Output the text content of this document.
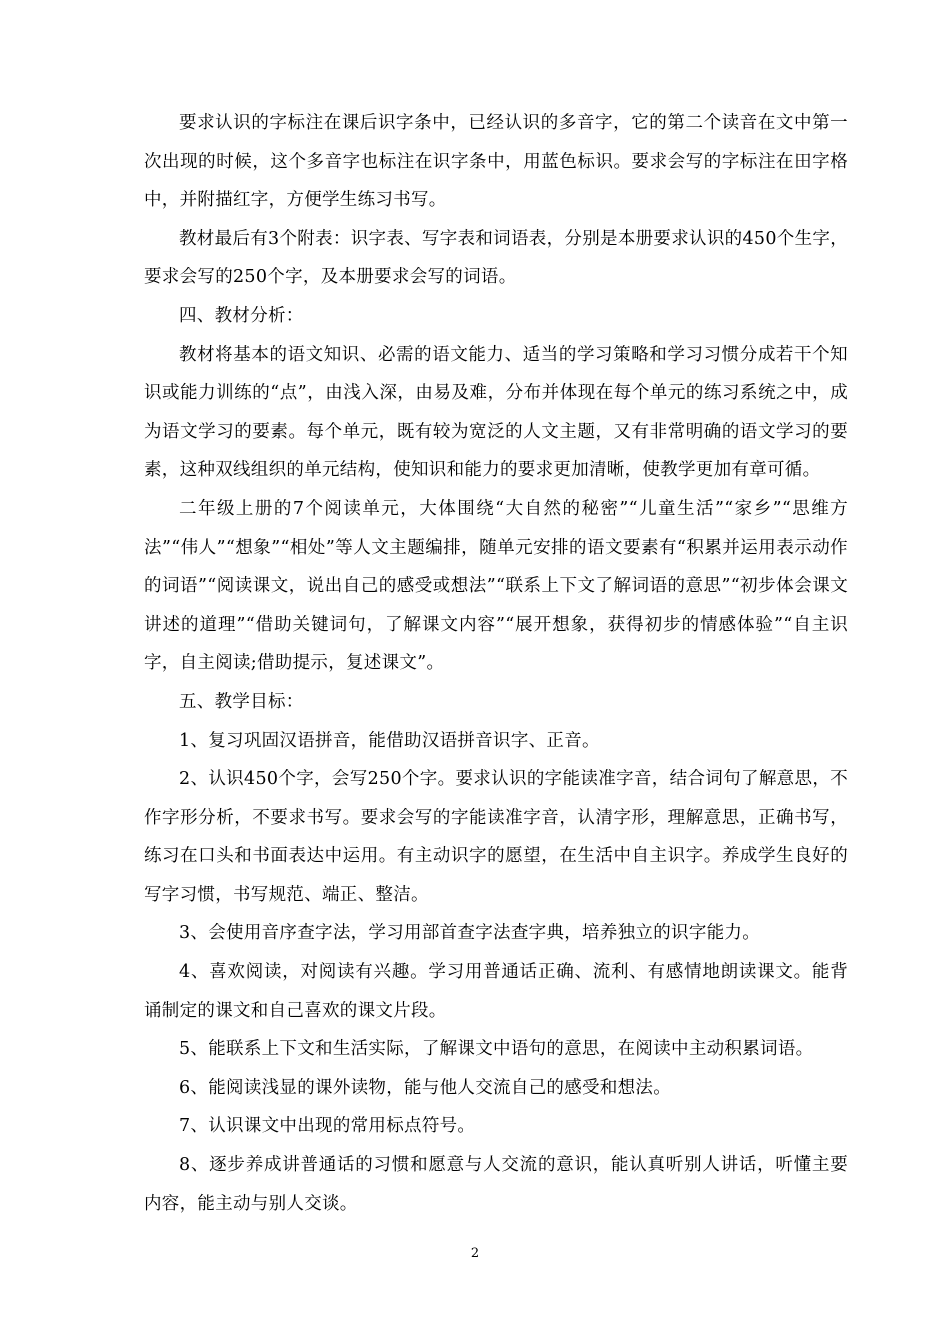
要求认识的字标注在课后识字条中，已经认识的多音字，它的第二个读音在文中第一次出现的时候，这个多音字也标注在识字条中，用蓝色标识。要求会写的字标注在田字格中，并附描红字，方便学生练习书写。

教材最后有3个附表：识字表、写字表和词语表，分别是本册要求认识的450个生字，要求会写的250个字，及本册要求会写的词语。

四、教材分析：

教材将基本的语文知识、必需的语文能力、适当的学习策略和学习习惯分成若干个知识或能力训练的“点”，由浅入深，由易及难，分布并体现在每个单元的练习系统之中，成为语文学习的要素。每个单元，既有较为宽泛的人文主题，又有非常明确的语文学习的要素，这种双线组织的单元结构，使知识和能力的要求更加清晰，使教学更加有章可循。

二年级上册的7个阅读单元，大体围绕“大自然的秘密”“儿童生活”“家乡”“思维方法”“伟人”“想象”“相处”等人文主题编排，随单元安排的语文要素有“积累并运用表示动作的词语”“阅读课文，说出自己的感受或想法”“联系上下文了解词语的意思”“初步体会课文讲述的道理”“借助关键词句，了解课文内容”“展开想象，获得初步的情感体验”“自主识字，自主阅读;借助提示，复述课文”。

五、教学目标：

1、复习巩固汉语拼音，能借助汉语拼音识字、正音。

2、认识450个字，会写250个字。要求认识的字能读准字音，结合词句了解意思，不作字形分析，不要求书写。要求会写的字能读准字音，认清字形，理解意思，正确书写，练习在口头和书面表达中运用。有主动识字的愿望，在生活中自主识字。养成学生良好的写字习惯，书写规范、端正、整洁。

3、会使用音序查字法，学习用部首查字法查字典，培养独立的识字能力。

4、喜欢阅读，对阅读有兴趣。学习用普通话正确、流利、有感情地朗读课文。能背诵制定的课文和自己喜欢的课文片段。

5、能联系上下文和生活实际，了解课文中语句的意思，在阅读中主动积累词语。

6、能阅读浅显的课外读物，能与他人交流自己的感受和想法。

7、认识课文中出现的常用标点符号。

8、逐步养成讲普通话的习惯和愿意与人交流的意识，能认真听别人讲话，听懂主要内容，能主动与别人交谈。

2
